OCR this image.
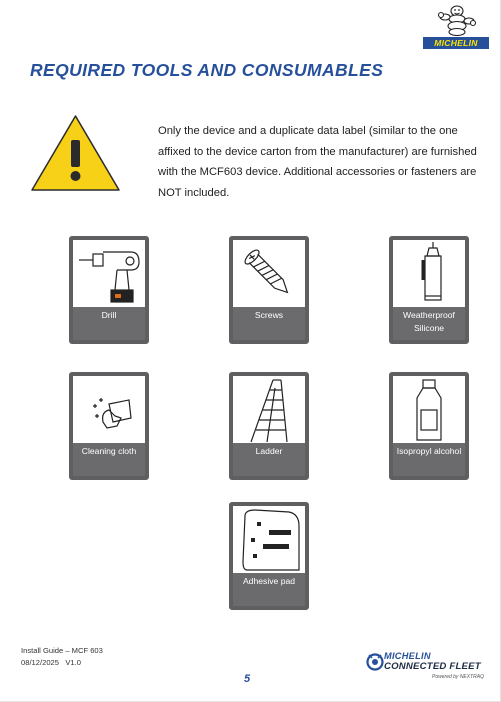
MICHELIN
REQUIRED TOOLS AND CONSUMABLES

Only the device and a duplicate data label (similar to the one affixed to the device carton from the manufacturer) are furnished with the MCF603 device. Additional accessories or fasteners are NOT included.

Drill	Screws	Weatherproof Silicone
Cleaning cloth	Ladder	Isopropyl alcohol
Adhesive pad
Install Guide – MCF 603
08/12/2025 V1.0
5
MICHELIN
CONNECTED FLEET
Powered by NEXTRAQ
